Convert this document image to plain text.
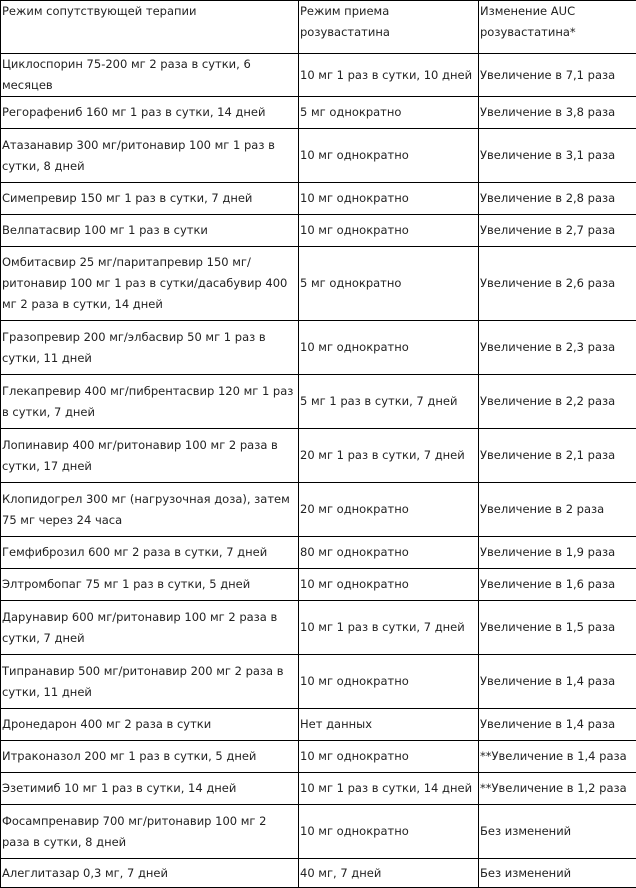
Режим сопутствующей терапии	Режим приема розувастатина	Изменение AUC розувастатина*
Циклоспорин 75-200 мг 2 раза в сутки, 6 месяцев	10 мг 1 раз в сутки, 10 дней	Увеличение в 7,1 раза
Регорафениб 160 мг 1 раз в сутки, 14 дней	5 мг однократно	Увеличение в 3,8 раза
Атазанавир 300 мг/ритонавир 100 мг 1 раз в сутки, 8 дней	10 мг однократно	Увеличение в 3,1 раза
Симепревир 150 мг 1 раз в сутки, 7 дней	10 мг однократно	Увеличение в 2,8 раза
Велпатасвир 100 мг 1 раз в сутки	10 мг однократно	Увеличение в 2,7 раза
Омбитасвир 25 мг/паритапревир 150 мг/ритонавир 100 мг 1 раз в сутки/дасабувир 400 мг 2 раза в сутки, 14 дней	5 мг однократно	Увеличение в 2,6 раза
Гразопревир 200 мг/элбасвир 50 мг 1 раз в сутки, 11 дней	10 мг однократно	Увеличение в 2,3 раза
Глекапревир 400 мг/пибрентасвир 120 мг 1 раз в сутки, 7 дней	5 мг 1 раз в сутки, 7 дней	Увеличение в 2,2 раза
Лопинавир 400 мг/ритонавир 100 мг 2 раза в сутки, 17 дней	20 мг 1 раз в сутки, 7 дней	Увеличение в 2,1 раза
Клопидогрел 300 мг (нагрузочная доза), затем 75 мг через 24 часа	20 мг однократно	Увеличение в 2 раза
Гемфиброзил 600 мг 2 раза в сутки, 7 дней	80 мг однократно	Увеличение в 1,9 раза
Элтромбопаг 75 мг 1 раз в сутки, 5 дней	10 мг однократно	Увеличение в 1,6 раза
Дарунавир 600 мг/ритонавир 100 мг 2 раза в сутки, 7 дней	10 мг 1 раз в сутки, 7 дней	Увеличение в 1,5 раза
Типранавир 500 мг/ритонавир 200 мг 2 раза в сутки, 11 дней	10 мг однократно	Увеличение в 1,4 раза
Дронедарон 400 мг 2 раза в сутки	Нет данных	Увеличение в 1,4 раза
Итраконазол 200 мг 1 раз в сутки, 5 дней	10 мг однократно	**Увеличение в 1,4 раза
Эзетимиб 10 мг 1 раз в сутки, 14 дней	10 мг 1 раз в сутки, 14 дней	**Увеличение в 1,2 раза
Фосампренавир 700 мг/ритонавир 100 мг 2 раза в сутки, 8 дней	10 мг однократно	Без изменений
Алеглитазар 0,3 мг, 7 дней	40 мг, 7 дней	Без изменений
